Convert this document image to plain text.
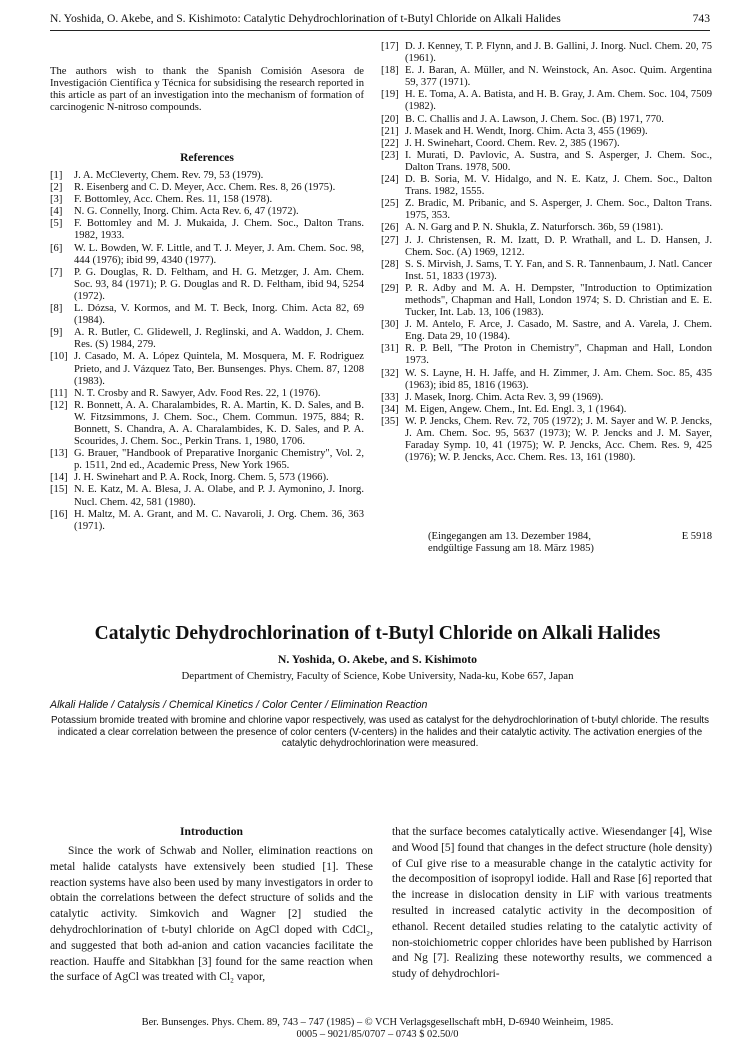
N. Yoshida, O. Akebe, and S. Kishimoto: Catalytic Dehydrochlorination of t-Butyl Chloride on Alkali Halides	743
The authors wish to thank the Spanish Comisión Asesora de Investigación Científica y Técnica for subsidising the research reported in this article as part of an investigation into the mechanism of formation of carcinogenic N-nitroso compounds.
References
[1] J. A. McCleverty, Chem. Rev. 79, 53 (1979).
[2] R. Eisenberg and C. D. Meyer, Acc. Chem. Res. 8, 26 (1975).
[3] F. Bottomley, Acc. Chem. Res. 11, 158 (1978).
[4] N. G. Connelly, Inorg. Chim. Acta Rev. 6, 47 (1972).
[5] F. Bottomley and M. J. Mukaida, J. Chem. Soc., Dalton Trans. 1982, 1933.
[6] W. L. Bowden, W. F. Little, and T. J. Meyer, J. Am. Chem. Soc. 98, 444 (1976); ibid 99, 4340 (1977).
[7] P. G. Douglas, R. D. Feltham, and H. G. Metzger, J. Am. Chem. Soc. 93, 84 (1971); P. G. Douglas and R. D. Feltham, ibid 94, 5254 (1972).
[8] L. Dózsa, V. Kormos, and M. T. Beck, Inorg. Chim. Acta 82, 69 (1984).
[9] A. R. Butler, C. Glidewell, J. Reglinski, and A. Waddon, J. Chem. Res. (S) 1984, 279.
[10] J. Casado, M. A. López Quintela, M. Mosquera, M. F. Rodriguez Prieto, and J. Vázquez Tato, Ber. Bunsenges. Phys. Chem. 87, 1208 (1983).
[11] N. T. Crosby and R. Sawyer, Adv. Food Res. 22, 1 (1976).
[12] R. Bonnett, A. A. Charalambides, R. A. Martin, K. D. Sales, and B. W. Fitzsimmons, J. Chem. Soc., Chem. Commun. 1975, 884; R. Bonnett, S. Chandra, A. A. Charalambides, K. D. Sales, and P. A. Scourides, J. Chem. Soc., Perkin Trans. 1, 1980, 1706.
[13] G. Brauer, "Handbook of Preparative Inorganic Chemistry", Vol. 2, p. 1511, 2nd ed., Academic Press, New York 1965.
[14] J. H. Swinehart and P. A. Rock, Inorg. Chem. 5, 573 (1966).
[15] N. E. Katz, M. A. Blesa, J. A. Olabe, and P. J. Aymonino, J. Inorg. Nucl. Chem. 42, 581 (1980).
[16] H. Maltz, M. A. Grant, and M. C. Navaroli, J. Org. Chem. 36, 363 (1971).
[17] D. J. Kenney, T. P. Flynn, and J. B. Gallini, J. Inorg. Nucl. Chem. 20, 75 (1961).
[18] E. J. Baran, A. Müller, and N. Weinstock, An. Asoc. Quim. Argentina 59, 377 (1971).
[19] H. E. Toma, A. A. Batista, and H. B. Gray, J. Am. Chem. Soc. 104, 7509 (1982).
[20] B. C. Challis and J. A. Lawson, J. Chem. Soc. (B) 1971, 770.
[21] J. Masek and H. Wendt, Inorg. Chim. Acta 3, 455 (1969).
[22] J. H. Swinehart, Coord. Chem. Rev. 2, 385 (1967).
[23] I. Murati, D. Pavlovic, A. Sustra, and S. Asperger, J. Chem. Soc., Dalton Trans. 1978, 500.
[24] D. B. Soria, M. V. Hidalgo, and N. E. Katz, J. Chem. Soc., Dalton Trans. 1982, 1555.
[25] Z. Bradic, M. Pribanic, and S. Asperger, J. Chem. Soc., Dalton Trans. 1975, 353.
[26] A. N. Garg and P. N. Shukla, Z. Naturforsch. 36b, 59 (1981).
[27] J. J. Christensen, R. M. Izatt, D. P. Wrathall, and L. D. Hansen, J. Chem. Soc. (A) 1969, 1212.
[28] S. S. Mirvish, J. Sams, T. Y. Fan, and S. R. Tannenbaum, J. Natl. Cancer Inst. 51, 1833 (1973).
[29] P. R. Adby and M. A. H. Dempster, "Introduction to Optimization methods", Chapman and Hall, London 1974; S. D. Christian and E. E. Tucker, Int. Lab. 13, 106 (1983).
[30] J. M. Antelo, F. Arce, J. Casado, M. Sastre, and A. Varela, J. Chem. Eng. Data 29, 10 (1984).
[31] R. P. Bell, "The Proton in Chemistry", Chapman and Hall, London 1973.
[32] W. S. Layne, H. H. Jaffe, and H. Zimmer, J. Am. Chem. Soc. 85, 435 (1963); ibid 85, 1816 (1963).
[33] J. Masek, Inorg. Chim. Acta Rev. 3, 99 (1969).
[34] M. Eigen, Angew. Chem., Int. Ed. Engl. 3, 1 (1964).
[35] W. P. Jencks, Chem. Rev. 72, 705 (1972); J. M. Sayer and W. P. Jencks, J. Am. Chem. Soc. 95, 5637 (1973); W. P. Jencks and J. M. Sayer, Faraday Symp. 10, 41 (1975); W. P. Jencks, Acc. Chem. Res. 9, 425 (1976); W. P. Jencks, Acc. Chem. Res. 13, 161 (1980).
(Eingegangen am 13. Dezember 1984,	E 5918
endgültige Fassung am 18. März 1985)
Catalytic Dehydrochlorination of t-Butyl Chloride on Alkali Halides
N. Yoshida, O. Akebe, and S. Kishimoto
Department of Chemistry, Faculty of Science, Kobe University, Nada-ku, Kobe 657, Japan
Alkali Halide / Catalysis / Chemical Kinetics / Color Center / Elimination Reaction
Potassium bromide treated with bromine and chlorine vapor respectively, was used as catalyst for the dehydrochlorination of t-butyl chloride. The results indicated a clear correlation between the presence of color centers (V-centers) in the halides and their catalytic activity. The activation energies of the catalytic dehydrochlorination were measured.
Introduction
Since the work of Schwab and Noller, elimination reactions on metal halide catalysts have extensively been studied [1]. These reaction systems have also been used by many investigators in order to obtain the correlations between the defect structure of solids and the catalytic activity. Simkovich and Wagner [2] studied the dehydrochlorination of t-butyl chloride on AgCl doped with CdCl₂, and suggested that both ad-anion and cation vacancies facilitate the reaction. Hauffe and Sitabkhan [3] found for the same reaction when the surface of AgCl was treated with Cl₂ vapor,
that the surface becomes catalytically active. Wiesendanger [4], Wise and Wood [5] found that changes in the defect structure (hole density) of CuI give rise to a measurable change in the catalytic activity for the decomposition of isopropyl iodide. Hall and Rase [6] reported that the increase in dislocation density in LiF with various treatments resulted in increased catalytic activity in the decomposition of ethanol. Recent detailed studies relating to the catalytic activity of non-stoichiometric copper chlorides have been published by Harrison and Ng [7]. Realizing these noteworthy results, we commenced a study of dehydrochlori-
Ber. Bunsenges. Phys. Chem. 89, 743 – 747 (1985) – © VCH Verlagsgesellschaft mbH, D-6940 Weinheim, 1985.
0005 – 9021/85/0707 – 0743 $ 02.50/0
